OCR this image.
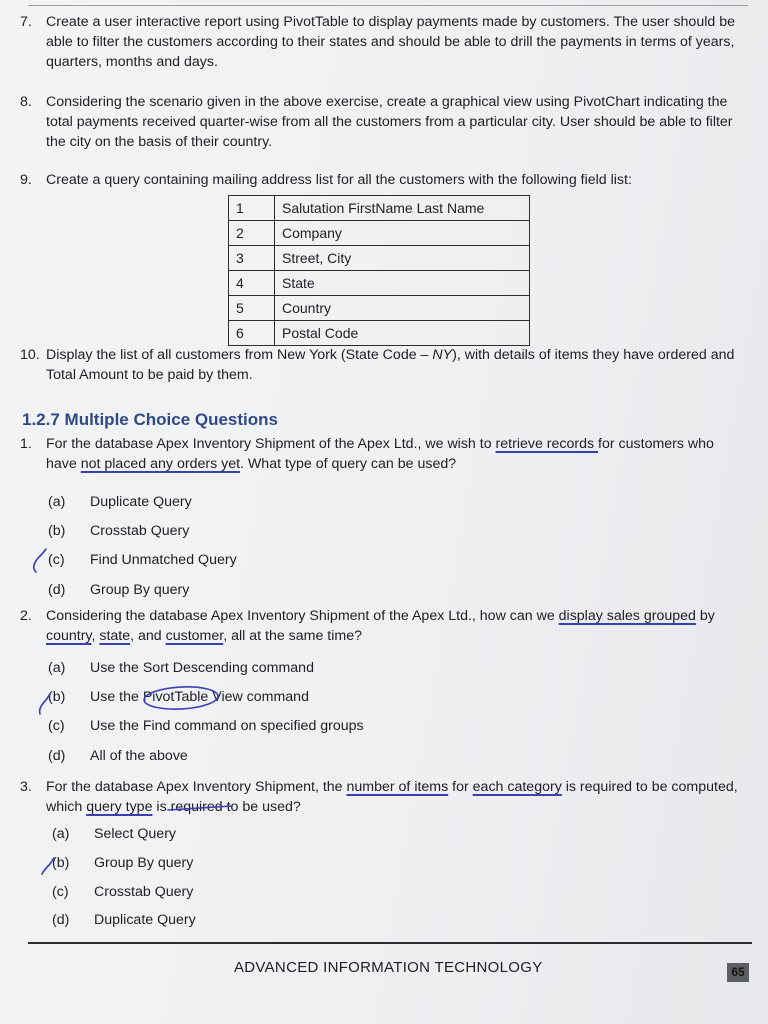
7. Create a user interactive report using PivotTable to display payments made by customers. The user should be able to filter the customers according to their states and should be able to drill the payments in terms of years, quarters, months and days.
8. Considering the scenario given in the above exercise, create a graphical view using PivotChart indicating the total payments received quarter-wise from all the customers from a particular city. User should be able to filter the city on the basis of their country.
9. Create a query containing mailing address list for all the customers with the following field list:
1	Salutation FirstName Last Name
2	Company
3	Street, City
4	State
5	Country
6	Postal Code
10. Display the list of all customers from New York (State Code – NY), with details of items they have ordered and Total Amount to be paid by them.
1.2.7 Multiple Choice Questions
1. For the database Apex Inventory Shipment of the Apex Ltd., we wish to retrieve records for customers who have not placed any orders yet. What type of query can be used?
(a) Duplicate Query
(b) Crosstab Query
(c) Find Unmatched Query
(d) Group By query
2. Considering the database Apex Inventory Shipment of the Apex Ltd., how can we display sales grouped by country, state, and customer, all at the same time?
(a) Use the Sort Descending command
(b) Use the PivotTable View command
(c) Use the Find command on specified groups
(d) All of the above
3. For the database Apex Inventory Shipment, the number of items for each category is required to be computed, which query type is required to be used?
(a) Select Query
(b) Group By query
(c) Crosstab Query
(d) Duplicate Query
ADVANCED INFORMATION TECHNOLOGY	65
